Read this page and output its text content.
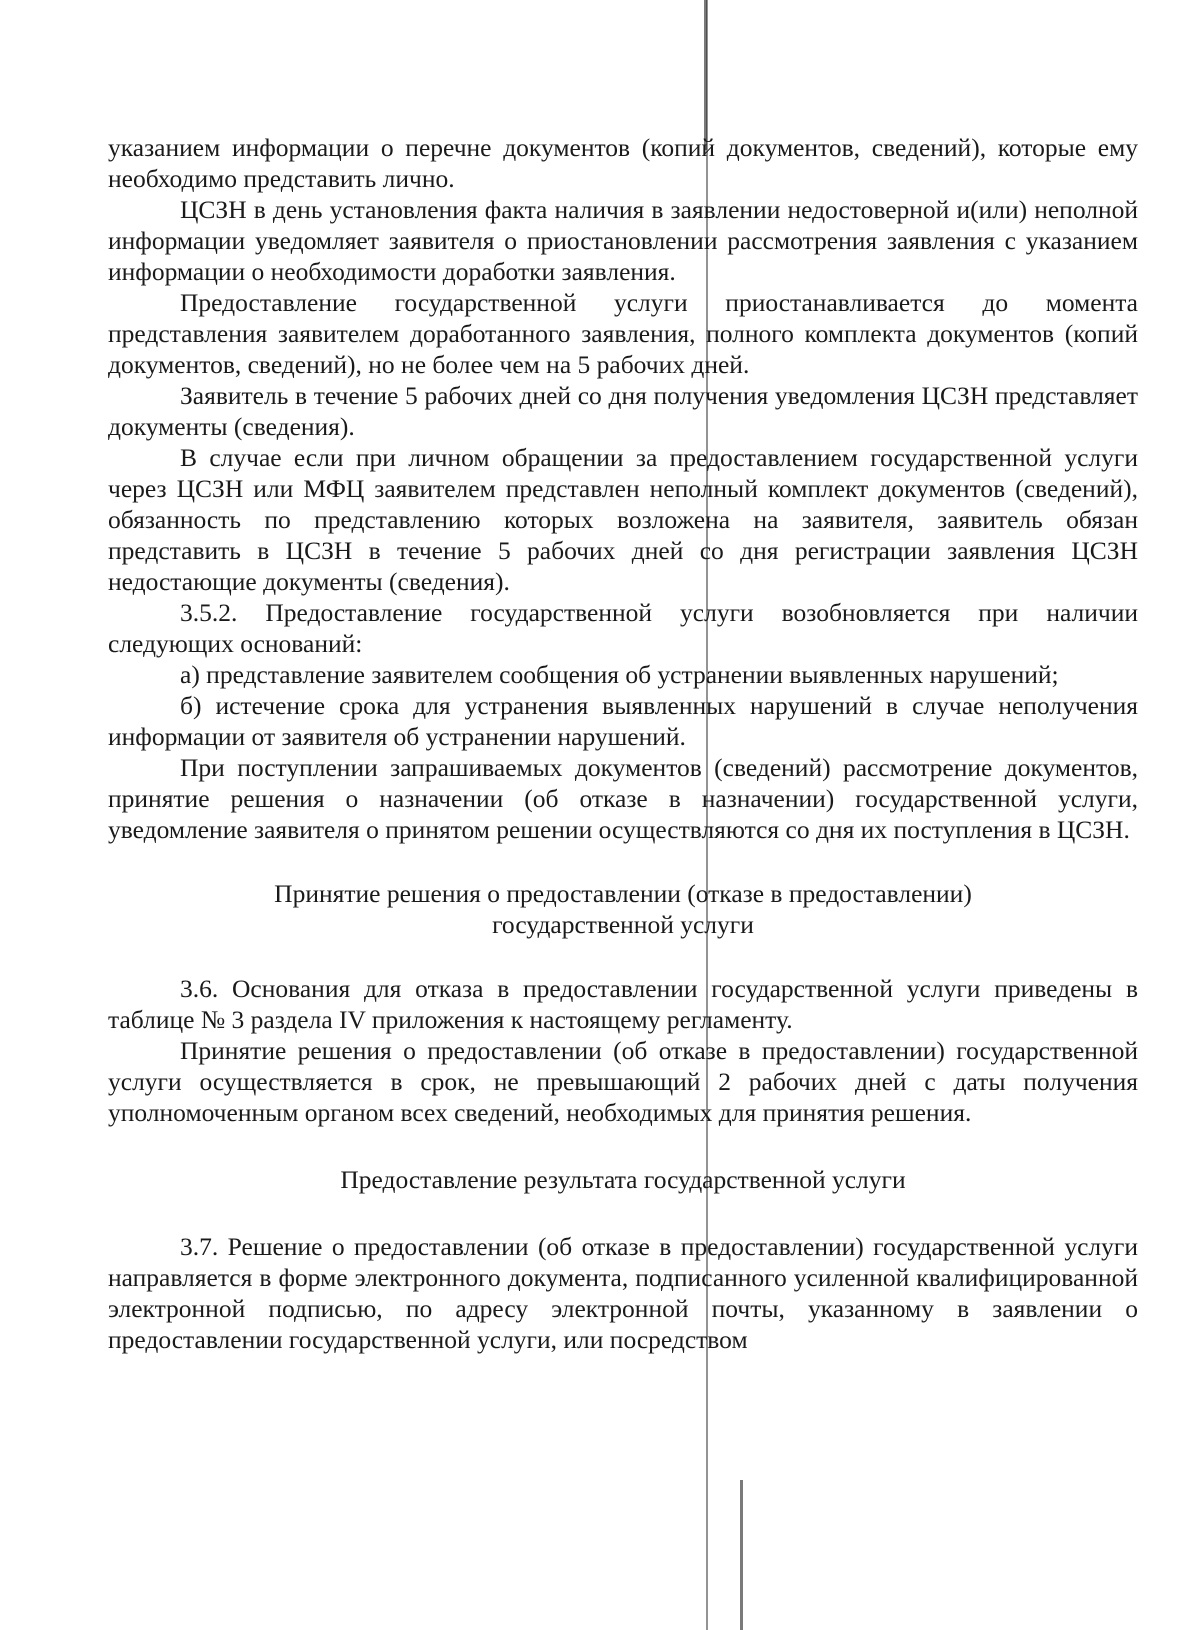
указанием информации о перечне документов (копий документов, сведений), которые ему необходимо представить лично.

ЦСЗН в день установления факта наличия в заявлении недостоверной и(или) неполной информации уведомляет заявителя о приостановлении рассмотрения заявления с указанием информации о необходимости доработки заявления.

Предоставление государственной услуги приостанавливается до момента представления заявителем доработанного заявления, полного комплекта документов (копий документов, сведений), но не более чем на 5 рабочих дней.

Заявитель в течение 5 рабочих дней со дня получения уведомления ЦСЗН представляет документы (сведения).

В случае если при личном обращении за предоставлением государственной услуги через ЦСЗН или МФЦ заявителем представлен неполный комплект документов (сведений), обязанность по представлению которых возложена на заявителя, заявитель обязан представить в ЦСЗН в течение 5 рабочих дней со дня регистрации заявления ЦСЗН недостающие документы (сведения).

3.5.2. Предоставление государственной услуги возобновляется при наличии следующих оснований:

а) представление заявителем сообщения об устранении выявленных нарушений;

б) истечение срока для устранения выявленных нарушений в случае неполучения информации от заявителя об устранении нарушений.

При поступлении запрашиваемых документов (сведений) рассмотрение документов, принятие решения о назначении (об отказе в назначении) государственной услуги, уведомление заявителя о принятом решении осуществляются со дня их поступления в ЦСЗН.

Принятие решения о предоставлении (отказе в предоставлении)
государственной услуги

3.6. Основания для отказа в предоставлении государственной услуги приведены в таблице № 3 раздела IV приложения к настоящему регламенту.

Принятие решения о предоставлении (об отказе в предоставлении) государственной услуги осуществляется в срок, не превышающий 2 рабочих дней с даты получения уполномоченным органом всех сведений, необходимых для принятия решения.

Предоставление результата государственной услуги

3.7. Решение о предоставлении (об отказе в предоставлении) государственной услуги направляется в форме электронного документа, подписанного усиленной квалифицированной электронной подписью, по адресу электронной почты, указанному в заявлении о предоставлении государственной услуги, или посредством
